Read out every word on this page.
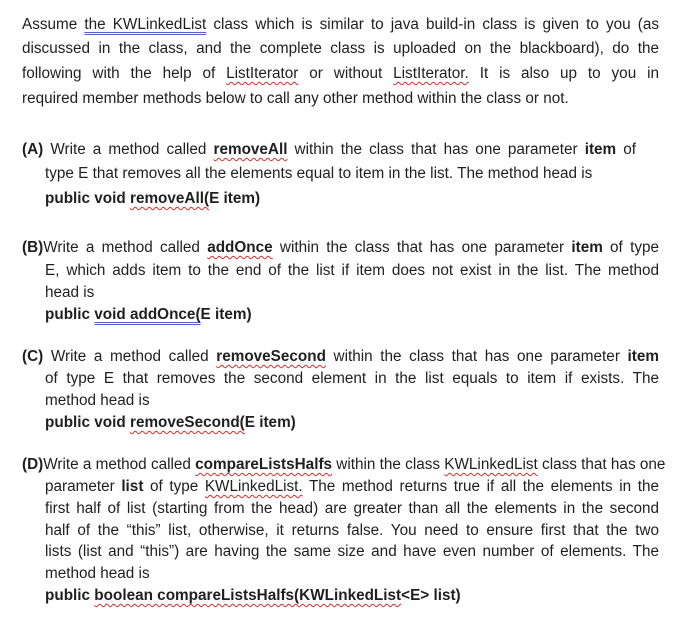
Assume the KWLinkedList class which is similar to java build-in class is given to you (as
discussed in the class, and the complete class is uploaded on the blackboard), do the
following with the help of ListIterator or without ListIterator. It is also up to you in
required member methods below to call any other method within the class or not.
(A) Write a method called removeAll within the class that has one parameter item of
type E that removes all the elements equal to item in the list. The method head is
public void removeAll(E item)
(B)Write a method called addOnce within the class that has one parameter item of type
E, which adds item to the end of the list if item does not exist in the list. The method
head is
public void addOnce(E item)
(C) Write a method called removeSecond within the class that has one parameter item
of type E that removes the second element in the list equals to item if exists. The
method head is
public void removeSecond(E item)
(D)Write a method called compareListsHalfs within the class KWLinkedList class that has one
parameter list of type KWLinkedList. The method returns true if all the elements in the
first half of list (starting from the head) are greater than all the elements in the second
half of the “this” list, otherwise, it returns false. You need to ensure first that the two
lists (list and “this”) are having the same size and have even number of elements. The
method head is
public boolean compareListsHalfs(KWLinkedList<E> list)
